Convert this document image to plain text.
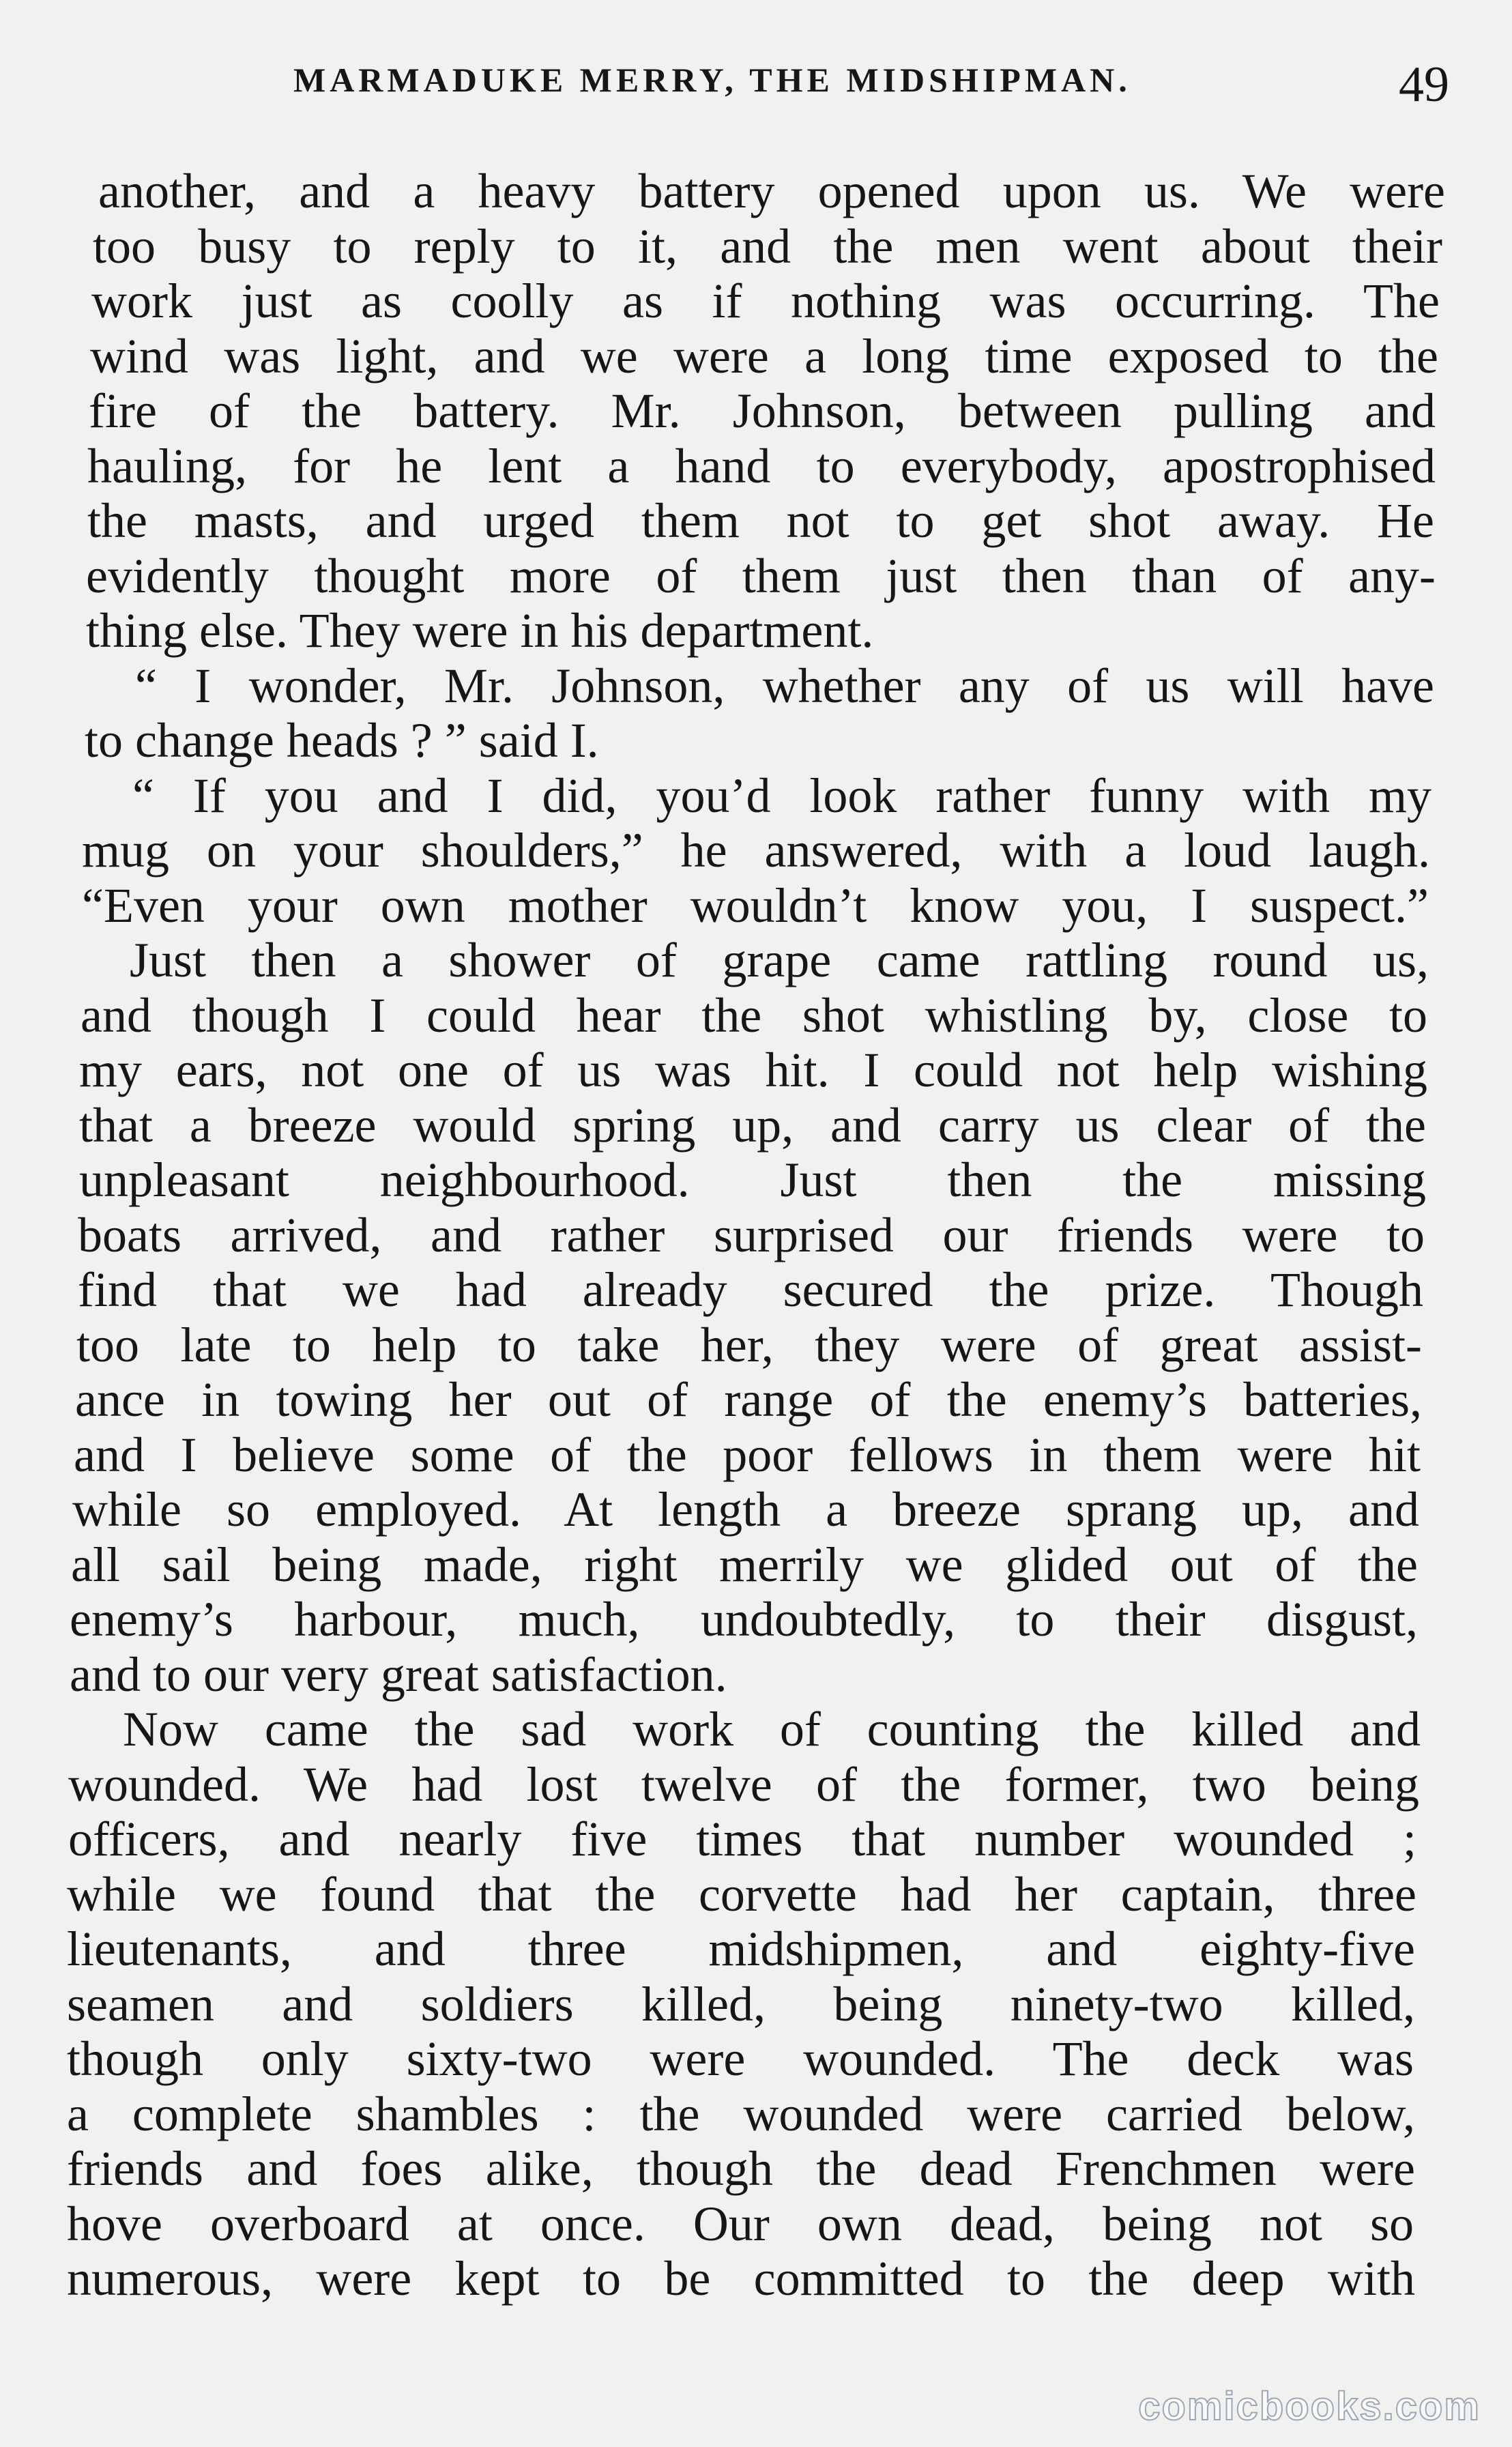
MARMADUKE MERRY, THE MIDSHIPMAN.	49
another, and a heavy battery opened upon us. We were
too busy to reply to it, and the men went about their
work just as coolly as if nothing was occurring. The
wind was light, and we were a long time exposed to the
fire of the battery. Mr. Johnson, between pulling and
hauling, for he lent a hand to everybody, apostrophised
the masts, and urged them not to get shot away. He
evidently thought more of them just then than of any-
thing else. They were in his department.
“ I wonder, Mr. Johnson, whether any of us will have
to change heads ? ” said I.
“ If you and I did, you’d look rather funny with my
mug on your shoulders,” he answered, with a loud laugh.
“Even your own mother wouldn’t know you, I suspect.”
Just then a shower of grape came rattling round us,
and though I could hear the shot whistling by, close to
my ears, not one of us was hit. I could not help wishing
that a breeze would spring up, and carry us clear of the
unpleasant neighbourhood. Just then the missing
boats arrived, and rather surprised our friends were to
find that we had already secured the prize. Though
too late to help to take her, they were of great assist-
ance in towing her out of range of the enemy’s batteries,
and I believe some of the poor fellows in them were hit
while so employed. At length a breeze sprang up, and
all sail being made, right merrily we glided out of the
enemy’s harbour, much, undoubtedly, to their disgust,
and to our very great satisfaction.
Now came the sad work of counting the killed and
wounded. We had lost twelve of the former, two being
officers, and nearly five times that number wounded ;
while we found that the corvette had her captain, three
lieutenants, and three midshipmen, and eighty-five
seamen and soldiers killed, being ninety-two killed,
though only sixty-two were wounded. The deck was
a complete shambles : the wounded were carried below,
friends and foes alike, though the dead Frenchmen were
hove overboard at once. Our own dead, being not so
numerous, were kept to be committed to the deep with
comicbooks.com
